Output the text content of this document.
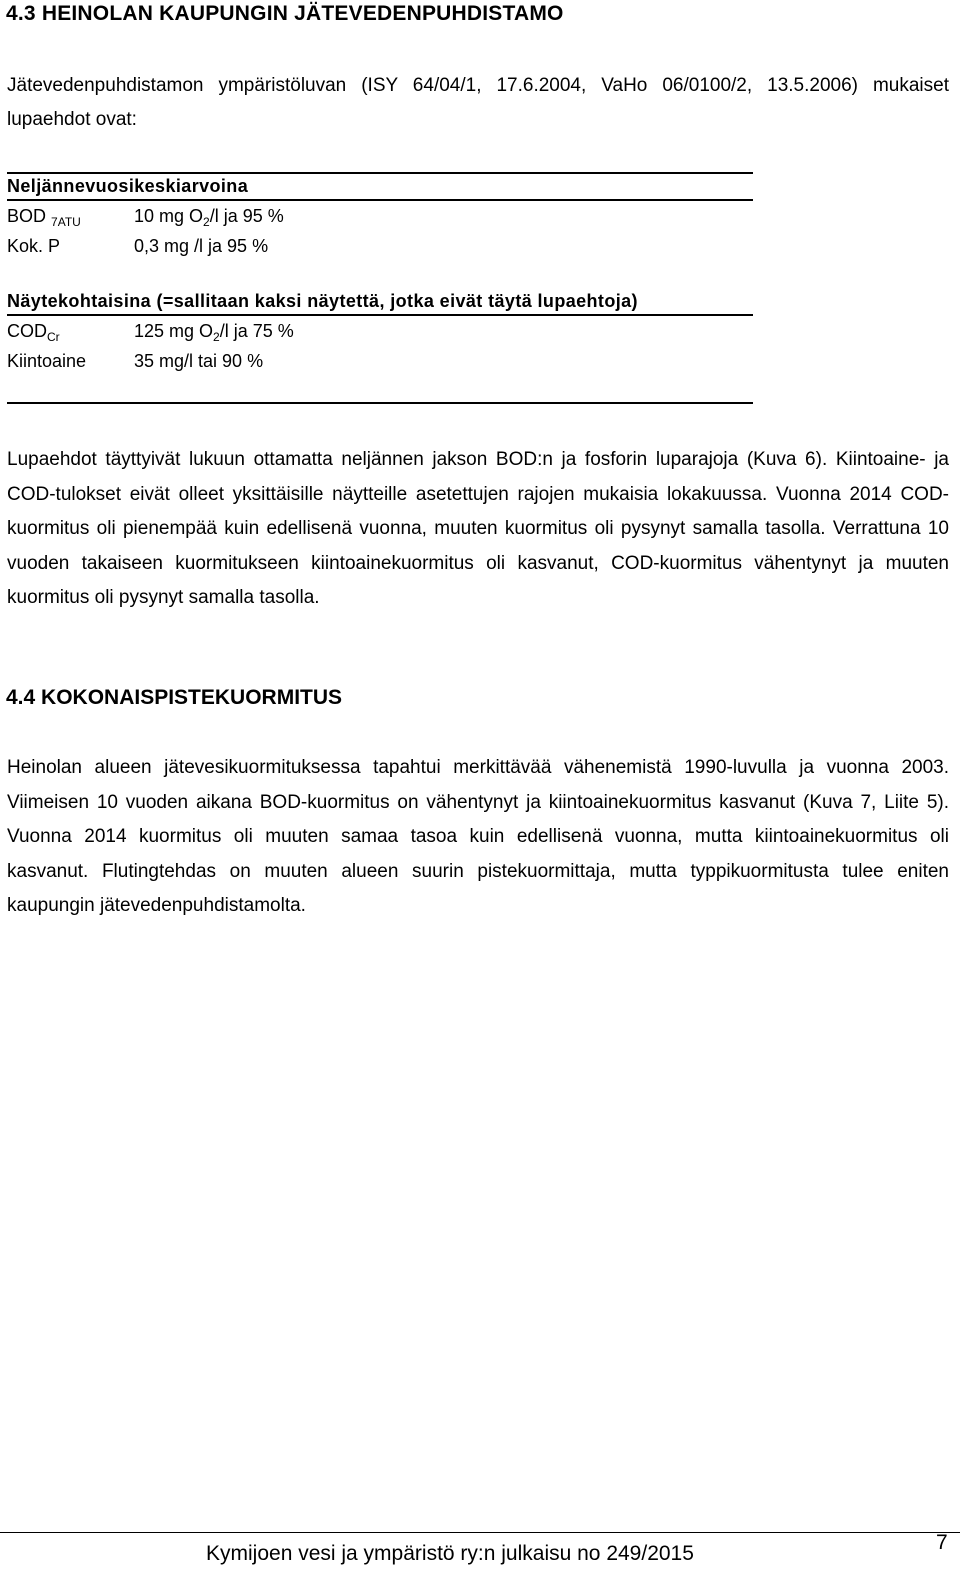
4.3 HEINOLAN KAUPUNGIN JÄTEVEDENPUHDISTAMO
Jätevedenpuhdistamon ympäristöluvan (ISY 64/04/1, 17.6.2004, VaHo 06/0100/2, 13.5.2006) mukaiset lupaehdot ovat:
Neljännevuosikeskiarvoina
BOD $_{7ATU}$	10 mg $O_2/l$ ja 95 %
Kok. P	0,3 mg /l ja 95 %
Näytekohtaisina (=sallitaan kaksi näytettä, jotka eivät täytä lupaehtoja)
$COD_{Cr}$	125 mg $O_2/l$ ja 75 %
Kiintoaine	35 mg/l tai 90 %
Lupaehdot täyttyivät lukuun ottamatta neljännen jakson BOD:n ja fosforin luparajoja (Kuva 6). Kiintoaine- ja COD-tulokset eivät olleet yksittäisille näytteille asetettujen rajojen mukaisia lokakuussa. Vuonna 2014 COD-kuormitus oli pienempää kuin edellisenä vuonna, muuten kuormitus oli pysynyt samalla tasolla. Verrattuna 10 vuoden takaiseen kuormitukseen kiintoainekuormitus oli kasvanut, COD-kuormitus vähentynyt ja muuten kuormitus oli pysynyt samalla tasolla.
4.4 KOKONAISPISTEKUORMITUS
Heinolan alueen jätevesikuormituksessa tapahtui merkittävää vähenemistä 1990-luvulla ja vuonna 2003. Viimeisen 10 vuoden aikana BOD-kuormitus on vähentynyt ja kiintoainekuormitus kasvanut (Kuva 7, Liite 5). Vuonna 2014 kuormitus oli muuten samaa tasoa kuin edellisenä vuonna, mutta kiintoainekuormitus oli kasvanut. Flutingtehdas on muuten alueen suurin pistekuormittaja, mutta typpikuormitusta tulee eniten kaupungin jätevedenpuhdistamolta.
Kymijoen vesi ja ympäristö ry:n julkaisu no 249/2015	7
